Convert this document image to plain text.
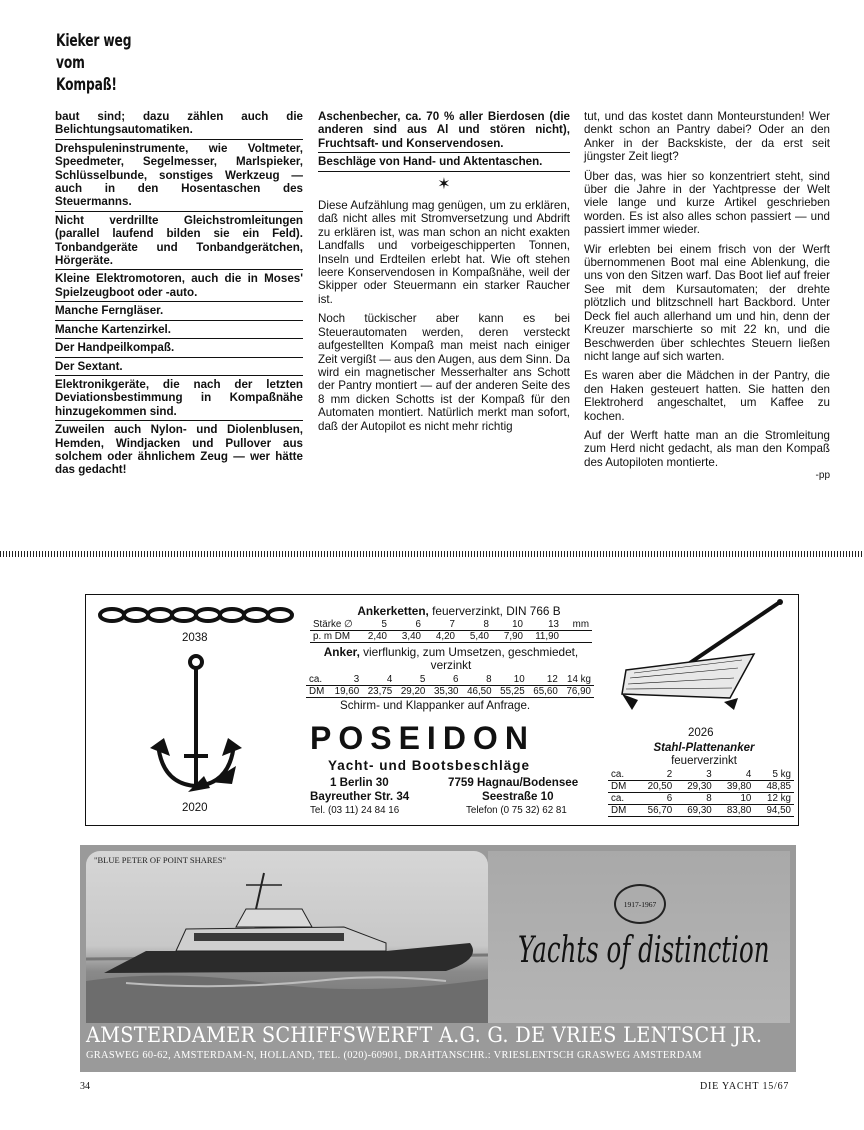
Kieker weg
vom
Kompaß!
baut sind; dazu zählen auch die Belichtungsautomatiken.
Drehspuleninstrumente, wie Voltmeter, Speedmeter, Segelmesser, Marlspieker, Schlüsselbunde, sonstiges Werkzeug — auch in den Hosentaschen des Steuermanns.
Nicht verdrillte Gleichstromleitungen (parallel laufend bilden sie ein Feld). Tonbandgeräte und Tonbandgerätchen, Hörgeräte.
Kleine Elektromotoren, auch die in Moses' Spielzeugboot oder -auto.
Manche Ferngläser.
Manche Kartenzirkel.
Der Handpeilkompaß.
Der Sextant.
Elektronikgeräte, die nach der letzten Deviationsbestimmung in Kompaßnähe hinzugekommen sind.
Zuweilen auch Nylon- und Diolenblusen, Hemden, Windjacken und Pullover aus solchem oder ähnlichem Zeug — wer hätte das gedacht!
Aschenbecher, ca. 70 % aller Bierdosen (die anderen sind aus Al und stören nicht), Fruchtsaft- und Konservendosen.
Beschläge von Hand- und Aktentaschen.
✶

Diese Aufzählung mag genügen, um zu erklären, daß nicht alles mit Stromversetzung und Abdrift zu erklären ist, was man schon an nicht exakten Landfalls und vorbeigeschipperten Tonnen, Inseln und Erdteilen erlebt hat. Wie oft stehen leere Konservendosen in Kompaßnähe, weil der Skipper oder Steuermann ein starker Raucher ist.

Noch tückischer aber kann es bei Steuerautomaten werden, deren versteckt aufgestellten Kompaß man meist nach einiger Zeit vergißt — aus den Augen, aus dem Sinn. Da wird ein magnetischer Messerhalter ans Schott der Pantry montiert — auf der anderen Seite des 8 mm dicken Schotts ist der Kompaß für den Automaten montiert. Natürlich merkt man sofort, daß der Autopilot es nicht mehr richtig

tut, und das kostet dann Monteurstunden! Wer denkt schon an Pantry dabei? Oder an den Anker in der Backskiste, der da erst seit jüngster Zeit liegt?

Über das, was hier so konzentriert steht, sind über die Jahre in der Yachtpresse der Welt viele lange und kurze Artikel geschrieben worden. Es ist also alles schon passiert — und passiert immer wieder.

Wir erlebten bei einem frisch von der Werft übernommenen Boot mal eine Ablenkung, die uns von den Sitzen warf. Das Boot lief auf freier See mit dem Kursautomaten; der drehte plötzlich und blitzschnell hart Backbord. Unter Deck fiel auch allerhand um und hin, denn der Kreuzer marschierte so mit 22 kn, und die Beschwerden über schlechtes Steuern ließen nicht lange auf sich warten.

Es waren aber die Mädchen in der Pantry, die den Haken gesteuert hatten. Sie hatten den Elektroherd angeschaltet, um Kaffee zu kochen.

Auf der Werft hatte man an die Stromleitung zum Herd nicht gedacht, als man den Kompaß des Autopiloten montierte.

-pp
2038
2020
Ankerketten, feuerverzinkt, DIN 766 B
Stärke ∅	5	6	7	8	10	13	mm
p. m DM	2,40	3,40	4,20	5,40	7,90	11,90	
Anker, vierflunkig, zum Umsetzen, geschmiedet, verzinkt
ca.	3	4	5	6	8	10	12	14 kg
DM	19,60	23,75	29,20	35,30	46,50	55,25	65,60	76,90
Schirm- und Klappanker auf Anfrage.
POSEIDON
Yacht- und Bootsbeschläge
1 Berlin 30
Bayreuther Str. 34
Tel. (03 11) 24 84 16
7759 Hagnau/Bodensee
Seestraße 10
Telefon (0 75 32) 62 81
2026
Stahl-Plattenanker
feuerverzinkt
ca.	2	3	4	5 kg
DM	20,50	29,30	39,80	48,85
ca.	6	8	10	12 kg
DM	56,70	69,30	83,80	94,50
"BLUE PETER OF POINT SHARES"
1917-1967
Yachts of distinction
AMSTERDAMER SCHIFFSWERFT A.G. G. DE VRIES LENTSCH JR.
GRASWEG 60-62, AMSTERDAM-N, HOLLAND, TEL. (020)-60901, DRAHTANSCHR.: VRIESLENTSCH GRASWEG AMSTERDAM
34	DIE YACHT 15/67
